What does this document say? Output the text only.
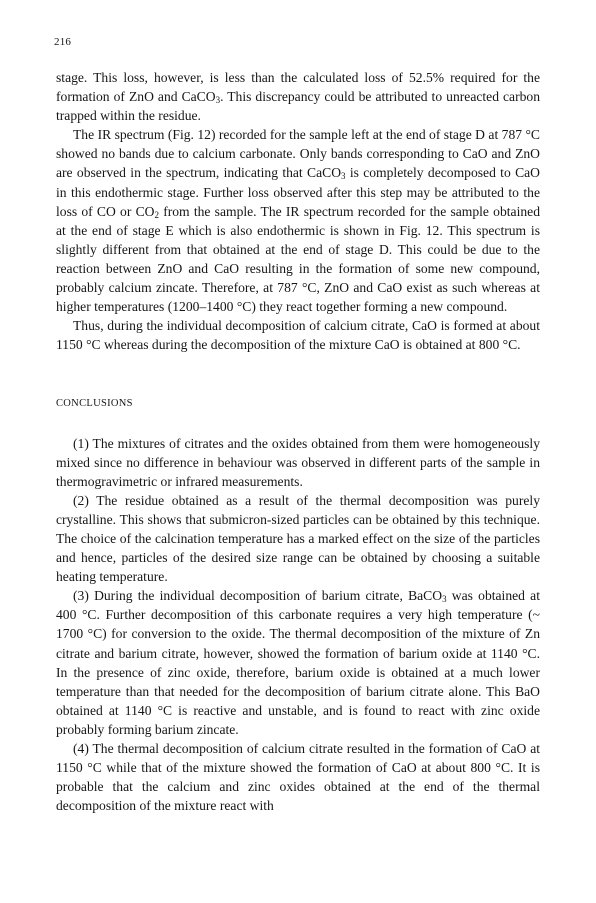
216

stage. This loss, however, is less than the calculated loss of 52.5% required for the formation of ZnO and CaCO$_3$. This discrepancy could be attributed to unreacted carbon trapped within the residue.

The IR spectrum (Fig. 12) recorded for the sample left at the end of stage D at 787 °C showed no bands due to calcium carbonate. Only bands corresponding to CaO and ZnO are observed in the spectrum, indicating that CaCO$_3$ is completely decomposed to CaO in this endothermic stage. Further loss observed after this step may be attributed to the loss of CO or $CO_2$ from the sample. The IR spectrum recorded for the sample obtained at the end of stage E which is also endothermic is shown in Fig. 12. This spectrum is slightly different from that obtained at the end of stage D. This could be due to the reaction between ZnO and CaO resulting in the formation of some new compound, probably calcium zincate. Therefore, at 787 °C, ZnO and CaO exist as such whereas at higher temperatures (1200–1400 °C) they react together forming a new compound.

Thus, during the individual decomposition of calcium citrate, CaO is formed at about 1150 °C whereas during the decomposition of the mixture CaO is obtained at 800 °C.

CONCLUSIONS

(1) The mixtures of citrates and the oxides obtained from them were homogeneously mixed since no difference in behaviour was observed in different parts of the sample in thermogravimetric or infrared measurements.

(2) The residue obtained as a result of the thermal decomposition was purely crystalline. This shows that submicron-sized particles can be obtained by this technique. The choice of the calcination temperature has a marked effect on the size of the particles and hence, particles of the desired size range can be obtained by choosing a suitable heating temperature.

(3) During the individual decomposition of barium citrate, BaCO$_3$ was obtained at 400 °C. Further decomposition of this carbonate requires a very high temperature (~ 1700 °C) for conversion to the oxide. The thermal decomposition of the mixture of Zn citrate and barium citrate, however, showed the formation of barium oxide at 1140 °C. In the presence of zinc oxide, therefore, barium oxide is obtained at a much lower temperature than that needed for the decomposition of barium citrate alone. This BaO obtained at 1140 °C is reactive and unstable, and is found to react with zinc oxide probably forming barium zincate.

(4) The thermal decomposition of calcium citrate resulted in the formation of CaO at 1150 °C while that of the mixture showed the formation of CaO at about 800 °C. It is probable that the calcium and zinc oxides obtained at the end of the thermal decomposition of the mixture react with
